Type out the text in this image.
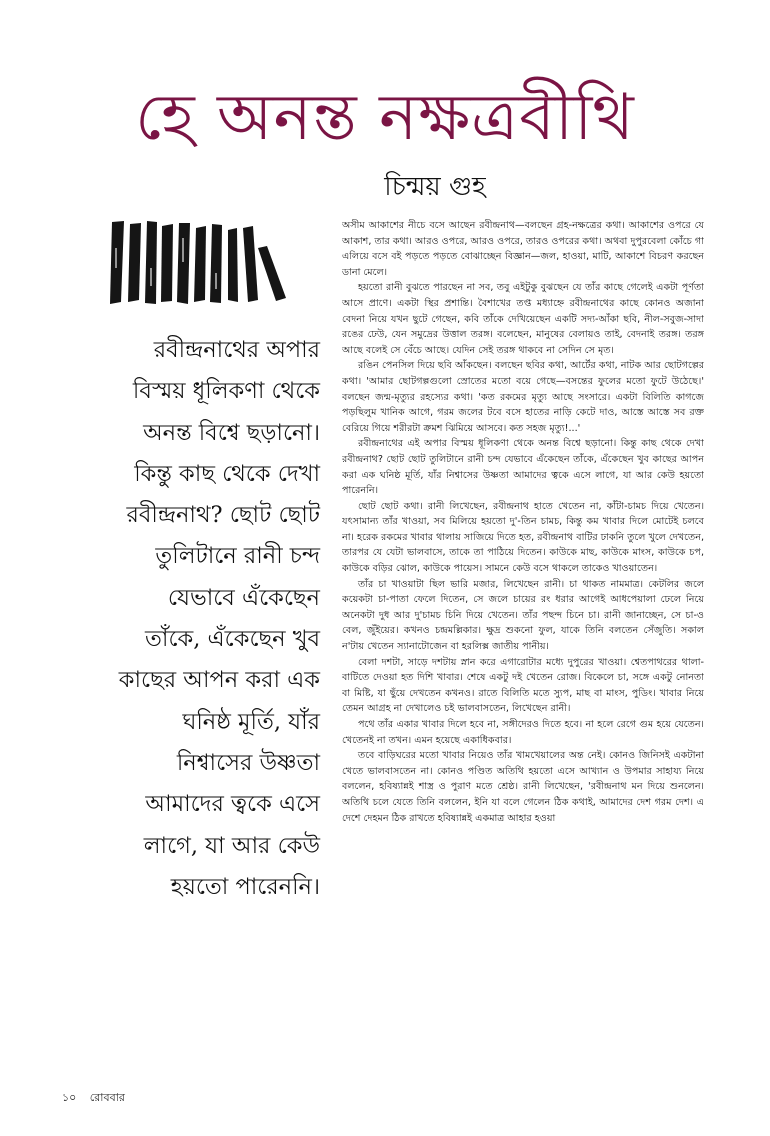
হে অনন্ত নক্ষত্রবীথি
চিন্ময় গুহ
রবীন্দ্রনাথের অপার
বিস্ময় ধূলিকণা থেকে
অনন্ত বিশ্বে ছড়ানো।
কিন্তু কাছ থেকে দেখা
রবীন্দ্রনাথ? ছোট ছোট
তুলিটানে রানী চন্দ
যেভাবে এঁকেছেন
তাঁকে, এঁকেছেন খুব
কাছের আপন করা এক
ঘনিষ্ঠ মূর্তি, যাঁর
নিশ্বাসের উষ্ণতা
আমাদের ত্বকে এসে
লাগে, যা আর কেউ
হয়তো পারেননি।

অসীম আকাশের নীচে বসে আছেন রবীন্দ্রনাথ—বলছেন গ্রহ-নক্ষত্রের কথা। আকাশের ওপরে যে আকাশ, তার কথা। আরও ওপরে, আরও ওপরে, তারও ওপরের কথা। অথবা দুপুরবেলা কোঁচে গা এলিয়ে বসে বই পড়তে পড়তে বোঝাচ্ছেন বিজ্ঞান—জল, হাওয়া, মাটি, আকাশে বিচরণ করছেন ডানা মেলে।

হয়তো রানী বুঝতে পারছেন না সব, তবু এইটুকু বুঝছেন যে তাঁর কাছে গেলেই একটা পূর্ণতা আসে প্রাণে। একটা স্থির প্রশান্তি। বৈশাখের তপ্ত মধ্যাহ্নে রবীন্দ্রনাথের কাছে কোনও অজানা বেদনা নিয়ে যখন ছুটে গেছেন, কবি তাঁকে দেখিয়েছেন একটি সদ্য-আঁকা ছবি, নীল-সবুজ-সাদা রঙের ঢেউ, যেন সমুদ্রের উত্তাল তরঙ্গ। বলেছেন, মানুষের বেলায়ও তাই, বেদনাই তরঙ্গ। তরঙ্গ আছে বলেই সে বেঁচে আছে। যেদিন সেই তরঙ্গ থাকবে না সেদিন সে মৃত।

রঙিন পেনসিল দিয়ে ছবি আঁকছেন। বলছেন ছবির কথা, আর্টের কথা, নাটক আর ছোটগল্পের কথা। 'আমার ছোটগল্পগুলো স্রোতের মতো বয়ে গেছে—বসন্তের ফুলের মতো ফুটে উঠেছে।' বলছেন জন্ম-মৃত্যুর রহস্যের কথা। 'কত রকমের মৃত্যু আছে সংসারে। একটা বিলিতি কাগজে পড়ছিলুম খানিক আগে, গরম জলের টবে বসে হাতের নাড়ি কেটে দাও, আস্তে আস্তে সব রক্ত বেরিয়ে গিয়ে শরীরটা ক্রমশ ঝিমিয়ে আসবে। কত সহজ মৃত্যু!...'

রবীন্দ্রনাথের এই অপার বিস্ময় ধূলিকণা থেকে অনন্ত বিশ্বে ছড়ানো। কিন্তু কাছ থেকে দেখা রবীন্দ্রনাথ? ছোট ছোট তুলিটানে রানী চন্দ যেভাবে এঁকেছেন তাঁকে, এঁকেছেন খুব কাছের আপন করা এক ঘনিষ্ঠ মূর্তি, যাঁর নিশ্বাসের উষ্ণতা আমাদের ত্বকে এসে লাগে, যা আর কেউ হয়তো পারেননি।

ছোট ছোট কথা। রানী লিখেছেন, রবীন্দ্রনাথ হাতে খেতেন না, কাঁটা-চামচ দিয়ে খেতেন। যৎসামান্য তাঁর খাওয়া, সব মিলিয়ে হয়তো দু'-তিন চামচ, কিন্তু কম খাবার দিলে মোটেই চলবে না। হরেক রকমের খাবার থালায় সাজিয়ে দিতে হত, রবীন্দ্রনাথ বাটির ঢাকনি তুলে খুলে দেখতেন, তারপর যে যেটা ভালবাসে, তাকে তা পাঠিয়ে দিতেন। কাউকে মাছ, কাউকে মাংস, কাউকে চপ, কাউকে বড়ির ঝোল, কাউকে পায়েস। সামনে কেউ বসে থাকলে তাকেও খাওয়াতেন।

তাঁর চা খাওয়াটা ছিল ভারি মজার, লিখেছেন রানী। চা থাকত নামমাত্র। কেটলির জলে কয়েকটা চা-পাতা ফেলে দিতেন, সে জলে চায়ের রং ধরার আগেই আধপেয়ালা ঢেলে নিয়ে অনেকটা দুধ আর দু'চামচ চিনি দিয়ে খেতেন। তাঁর পছন্দ চিনে চা। রানী জানাচ্ছেন, সে চা-ও বেল, জুঁইয়ের। কখনও চন্দ্রমল্লিকার। ক্ষুদ্র শুকনো ফুল, যাকে তিনি বলতেন সেঁজুতি। সকাল ন'টায় খেতেন স্যানাটোজেন বা হরলিক্স জাতীয় পানীয়।

বেলা দশটা, সাড়ে দশটায় স্নান করে এগারোটার মধ্যে দুপুরের খাওয়া। শ্বেতপাথরের থালা-বাটিতে দেওয়া হত দিশি খাবার। শেষে একটু দই খেতেন রোজ। বিকেলে চা, সঙ্গে একটু নোনতা বা মিষ্টি, যা ছুঁয়ে দেখতেন কখনও। রাতে বিলিতি মতে স্যুপ, মাছ বা মাংস, পুডিং। খাবার নিয়ে তেমন আগ্রহ না দেখালেও চই ভালবাসতেন, লিখেছেন রানী।

পথে তাঁর একার খাবার দিলে হবে না, সঙ্গীদেরও দিতে হবে। না হলে রেগে গুম হয়ে যেতেন। খেতেনই না তখন। এমন হয়েছে একাধিকবার।

তবে বাড়িঘরের মতো খাবার নিয়েও তাঁর খামখেয়ালের অন্ত নেই। কোনও জিনিসই একটানা খেতে ভালবাসতেন না। কোনও পণ্ডিত অতিথি হয়তো এসে আখ্যান ও উপমার সাহায্য নিয়ে বললেন, হবিষ্যান্নই শাস্ত্র ও পুরাণ মতে শ্রেষ্ঠ। রানী লিখেছেন, 'রবীন্দ্রনাথ মন দিয়ে শুনলেন। অতিথি চলে যেতে তিনি বললেন, ইনি যা বলে গেলেন ঠিক কথাই, আমাদের দেশ গরম দেশ। এ দেশে দেহমন ঠিক রাখতে হবিষ্যান্নই একমাত্র আহার হওয়া

১০ রোববার
